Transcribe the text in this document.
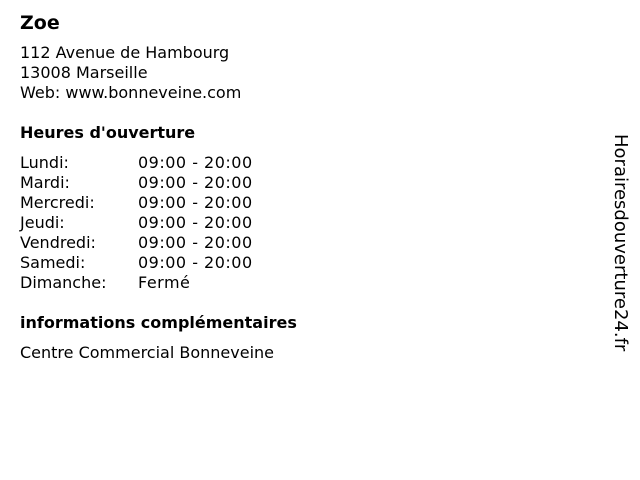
Zoe
112 Avenue de Hambourg
13008 Marseille
Web: www.bonneveine.com
Heures d'ouverture
Lundi:	09:00 - 20:00
Mardi:	09:00 - 20:00
Mercredi:	09:00 - 20:00
Jeudi:	09:00 - 20:00
Vendredi:	09:00 - 20:00
Samedi:	09:00 - 20:00
Dimanche:	Fermé
informations complémentaires
Centre Commercial Bonneveine
Horairesdouverture24.fr
